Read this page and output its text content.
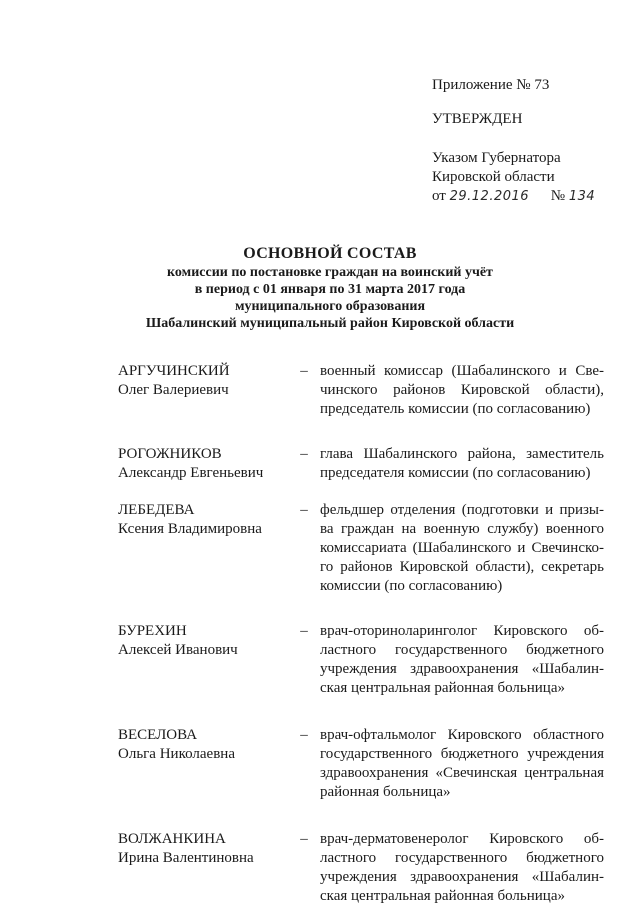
Приложение № 73
УТВЕРЖДЕН
Указом Губернатора
Кировской области
от 29.12.2016 № 134
ОСНОВНОЙ СОСТАВ
комиссии по постановке граждан на воинский учёт
в период с 01 января по 31 марта 2017 года
муниципального образования
Шабалинский муниципальный район Кировской области
АРГУЧИНСКИЙ
Олег Валериевич
– военный комиссар (Шабалинского и Све-
чинского районов Кировской области),
председатель комиссии (по согласованию)
РОГОЖНИКОВ
Александр Евгеньевич
– глава Шабалинского района, заместитель
председателя комиссии (по согласованию)
ЛЕБЕДЕВА
Ксения Владимировна
– фельдшер отделения (подготовки и призы-
ва граждан на военную службу) военного
комиссариата (Шабалинского и Свечинско-
го районов Кировской области), секретарь
комиссии (по согласованию)
БУРЕХИН
Алексей Иванович
– врач-оториноларинголог Кировского об-
ластного государственного бюджетного
учреждения здравоохранения «Шабалин-
ская центральная районная больница»
ВЕСЕЛОВА
Ольга Николаевна
– врач-офтальмолог Кировского областного
государственного бюджетного учреждения
здравоохранения «Свечинская центральная
районная больница»
ВОЛЖАНКИНА
Ирина Валентиновна
– врач-дерматовенеролог Кировского об-
ластного государственного бюджетного
учреждения здравоохранения «Шабалин-
ская центральная районная больница»
